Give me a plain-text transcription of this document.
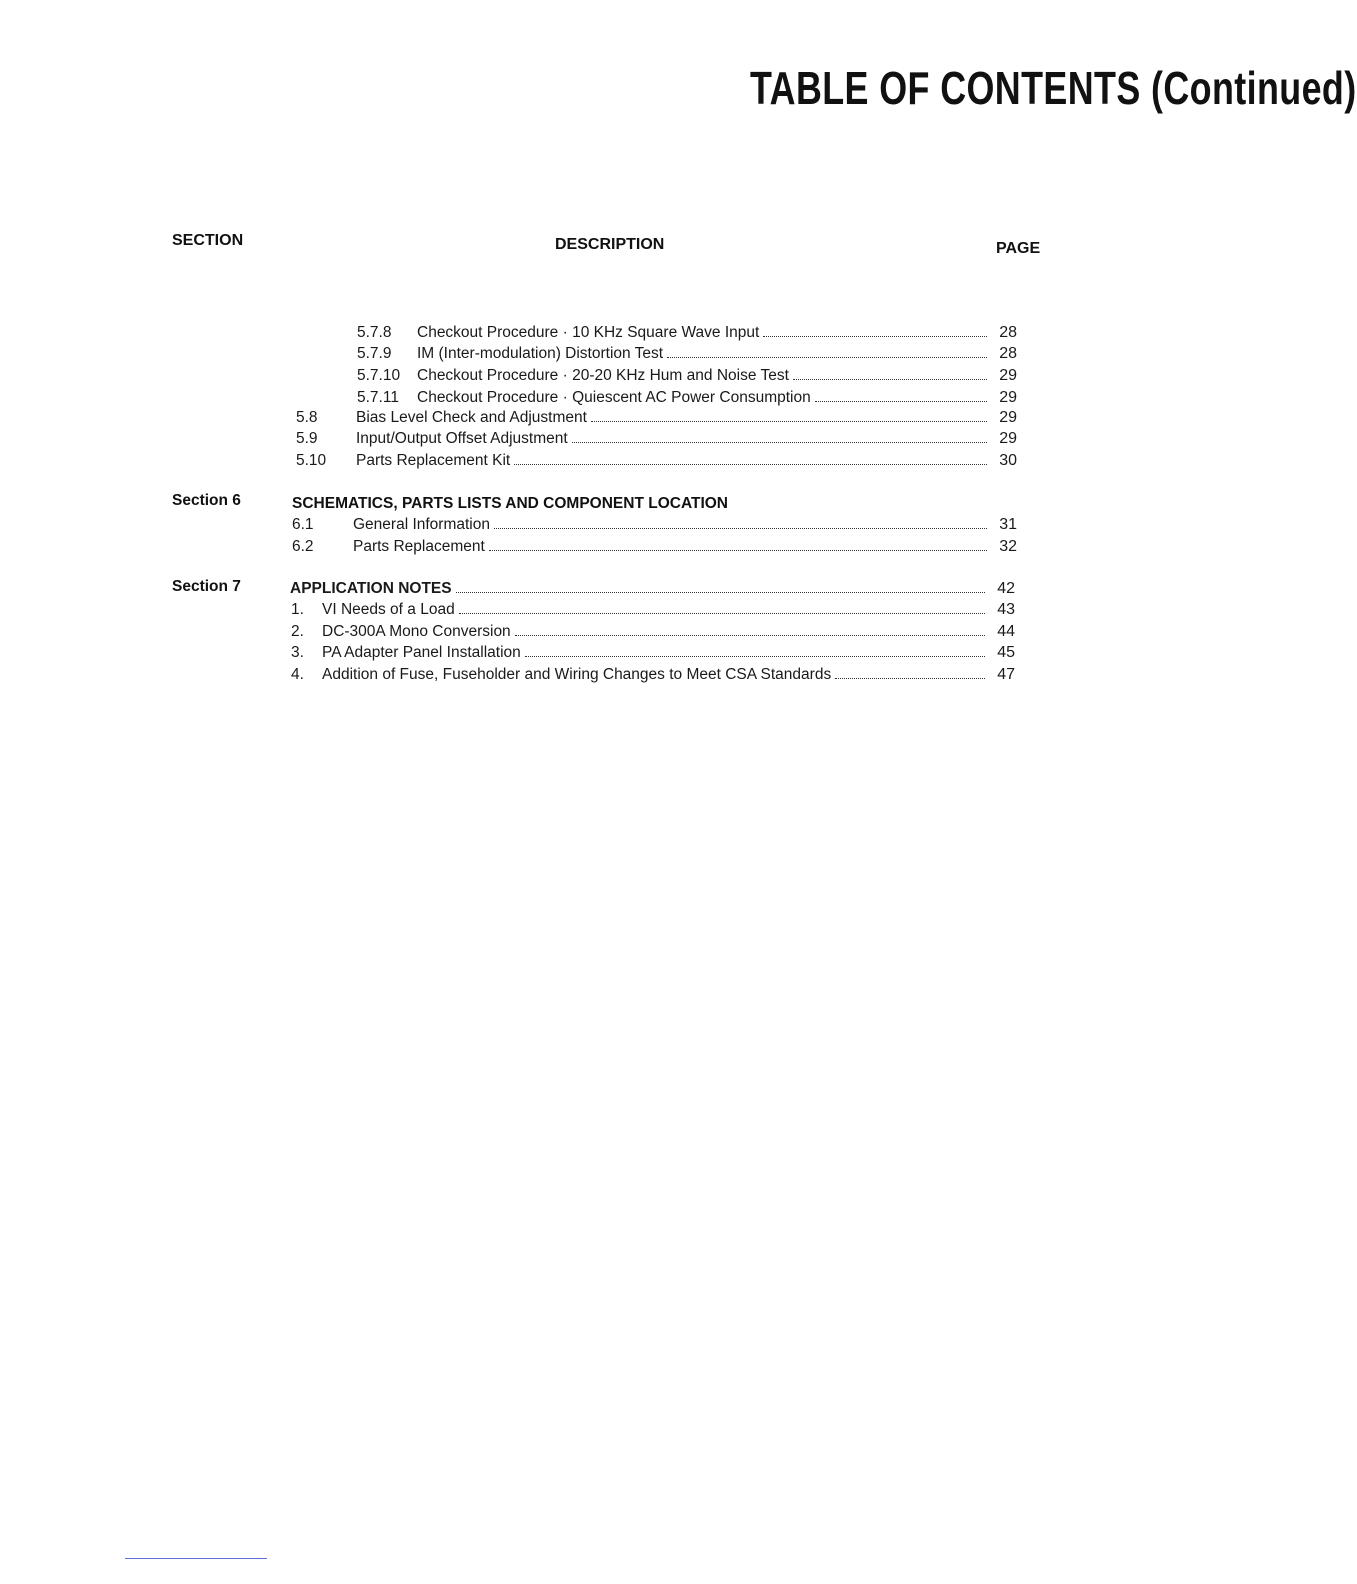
TABLE OF CONTENTS (Continued)
SECTION	DESCRIPTION	PAGE
5.7.8	Checkout Procedure · 10 KHz Square Wave Input	28
5.7.9	IM (Inter-modulation) Distortion Test	28
5.7.10	Checkout Procedure · 20-20 KHz Hum and Noise Test	29
5.7.11	Checkout Procedure · Quiescent AC Power Consumption	29
5.8	Bias Level Check and Adjustment	29
5.9	Input/Output Offset Adjustment	29
5.10	Parts Replacement Kit	30
Section 6	SCHEMATICS, PARTS LISTS AND COMPONENT LOCATION
6.1	General Information	31
6.2	Parts Replacement	32
Section 7	APPLICATION NOTES	42
1.	VI Needs of a Load	43
2.	DC-300A Mono Conversion	44
3.	PA Adapter Panel Installation	45
4.	Addition of Fuse, Fuseholder and Wiring Changes to Meet CSA Standards	47
